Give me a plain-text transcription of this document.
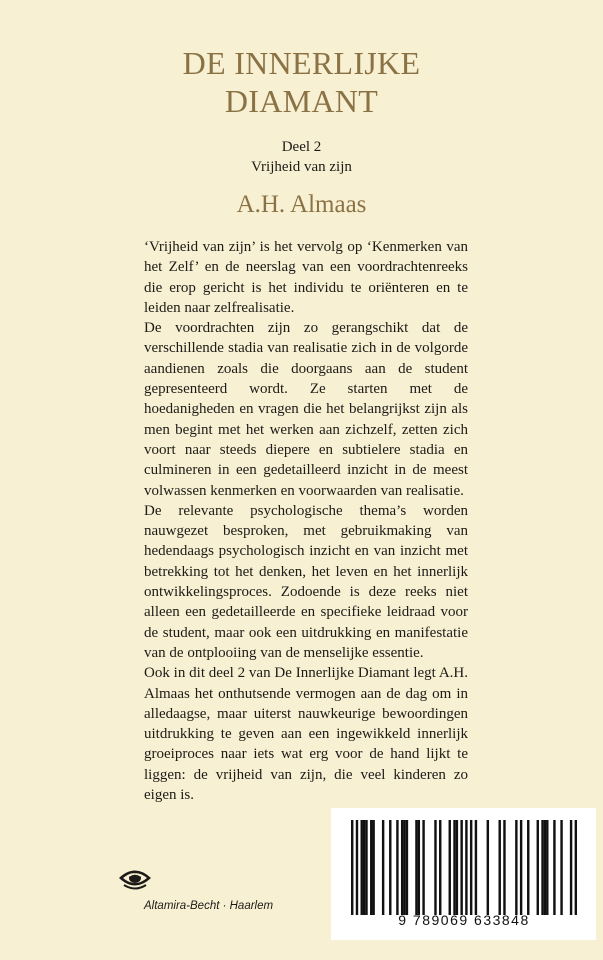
DE INNERLIJKE
DIAMANT
Deel 2
Vrijheid van zijn
A.H. Almaas

‘Vrijheid van zijn’ is het vervolg op ‘Kenmerken van het Zelf’ en de neerslag van een voordrachtenreeks die erop gericht is het individu te oriënteren en te leiden naar zelfrealisatie.

De voordrachten zijn zo gerangschikt dat de verschillende stadia van realisatie zich in de volgorde aandienen zoals die doorgaans aan de student gepresenteerd wordt. Ze starten met de hoedanigheden en vragen die het belangrijkst zijn als men begint met het werken aan zichzelf, zetten zich voort naar steeds diepere en subtielere stadia en culmineren in een gedetailleerd inzicht in de meest volwassen kenmerken en voorwaarden van realisatie.

De relevante psychologische thema’s worden nauwgezet besproken, met gebruikmaking van hedendaags psychologisch inzicht en van inzicht met betrekking tot het denken, het leven en het innerlijk ontwikkelingsproces. Zodoende is deze reeks niet alleen een gedetailleerde en specifieke leidraad voor de student, maar ook een uitdrukking en manifestatie van de ontplooiing van de menselijke essentie.

Ook in dit deel 2 van De Innerlijke Diamant legt A.H. Almaas het onthutsende vermogen aan de dag om in alledaagse, maar uiterst nauwkeurige bewoordingen uitdrukking te geven aan een ingewikkeld innerlijk groeiproces naar iets wat erg voor de hand lijkt te liggen: de vrijheid van zijn, die veel kinderen zo eigen is.

Altamira-Becht · Haarlem
9 789069 633848
